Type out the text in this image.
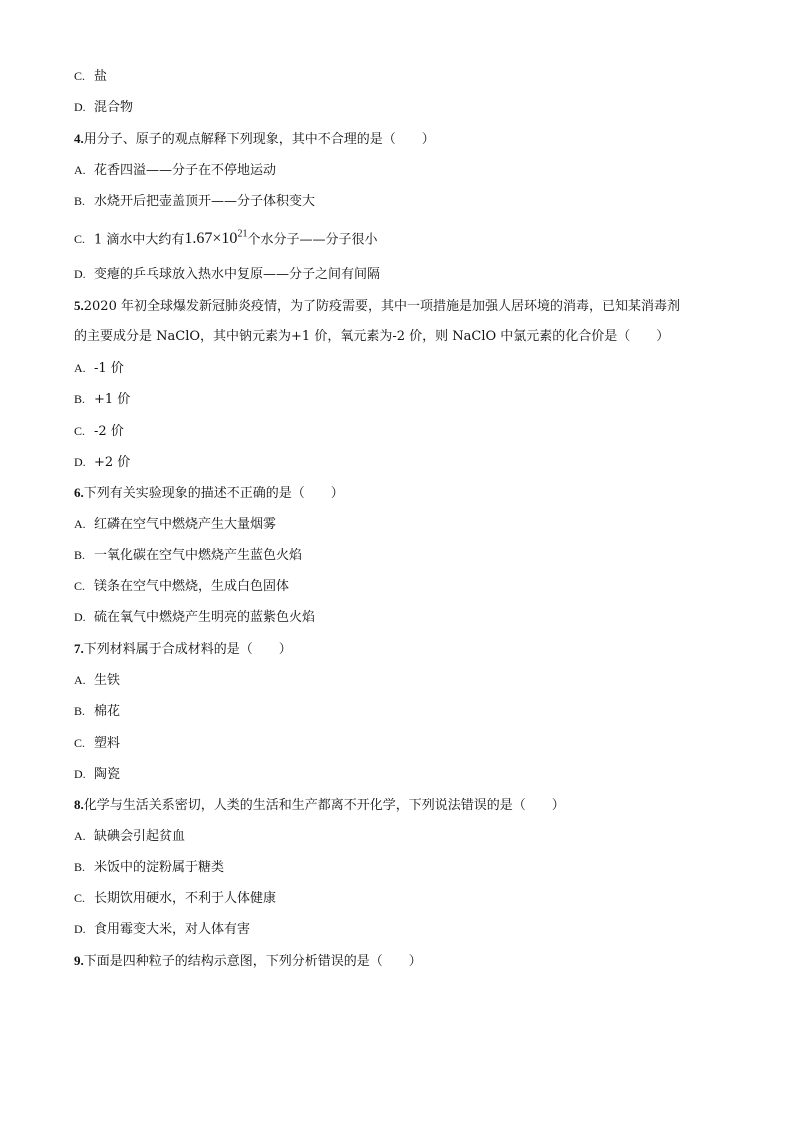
C. 盐
D. 混合物
4.用分子、原子的观点解释下列现象，其中不合理的是（　　）
A. 花香四溢——分子在不停地运动
B. 水烧开后把壶盖顶开——分子体积变大
C. 1 滴水中大约有$1.67\times 10^{21}$个水分子——分子很小
D. 变瘪的乒乓球放入热水中复原——分子之间有间隔
5.2020 年初全球爆发新冠肺炎疫情，为了防疫需要，其中一项措施是加强人居环境的消毒，已知某消毒剂
的主要成分是 NaClO，其中钠元素为+1 价，氧元素为-2 价，则 NaClO 中氯元素的化合价是（　　）
A. -1 价
B. +1 价
C. -2 价
D. +2 价
6.下列有关实验现象的描述不正确的是（　　）
A. 红磷在空气中燃烧产生大量烟雾
B. 一氧化碳在空气中燃烧产生蓝色火焰
C. 镁条在空气中燃烧，生成白色固体
D. 硫在氧气中燃烧产生明亮的蓝紫色火焰
7.下列材料属于合成材料的是（　　）
A. 生铁
B. 棉花
C. 塑料
D. 陶瓷
8.化学与生活关系密切，人类的生活和生产都离不开化学，下列说法错误的是（　　）
A. 缺碘会引起贫血
B. 米饭中的淀粉属于糖类
C. 长期饮用硬水，不利于人体健康
D. 食用霉变大米，对人体有害
9.下面是四种粒子的结构示意图，下列分析错误的是（　　）
